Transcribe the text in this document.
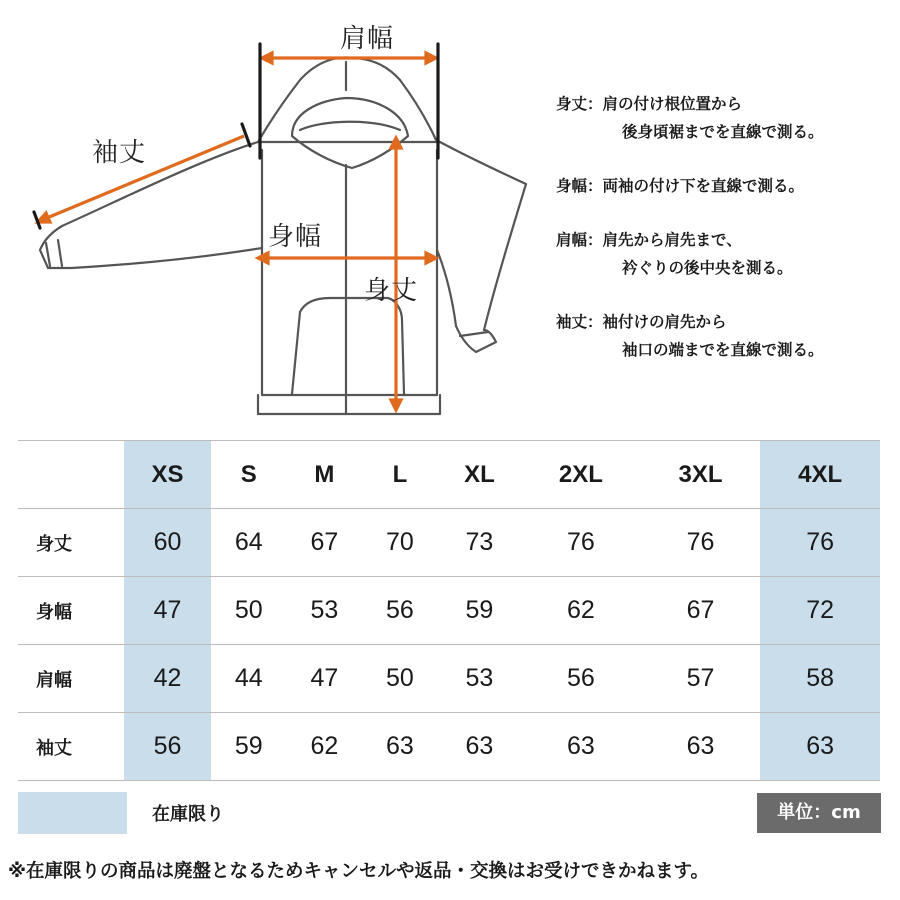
肩幅
袖丈
身幅
身丈
身丈：肩の付け根位置から
後身頃裾までを直線で測る。
身幅：両袖の付け下を直線で測る。
肩幅：肩先から肩先まで、
衿ぐりの後中央を測る。
袖丈：袖付けの肩先から
袖口の端までを直線で測る。
	XS	S	M	L	XL	2XL	3XL	4XL
身丈	60	64	67	70	73	76	76	76
身幅	47	50	53	56	59	62	67	72
肩幅	42	44	47	50	53	56	57	58
袖丈	56	59	62	63	63	63	63	63
在庫限り	単位：cm
※在庫限りの商品は廃盤となるためキャンセルや返品・交換はお受けできかねます。
